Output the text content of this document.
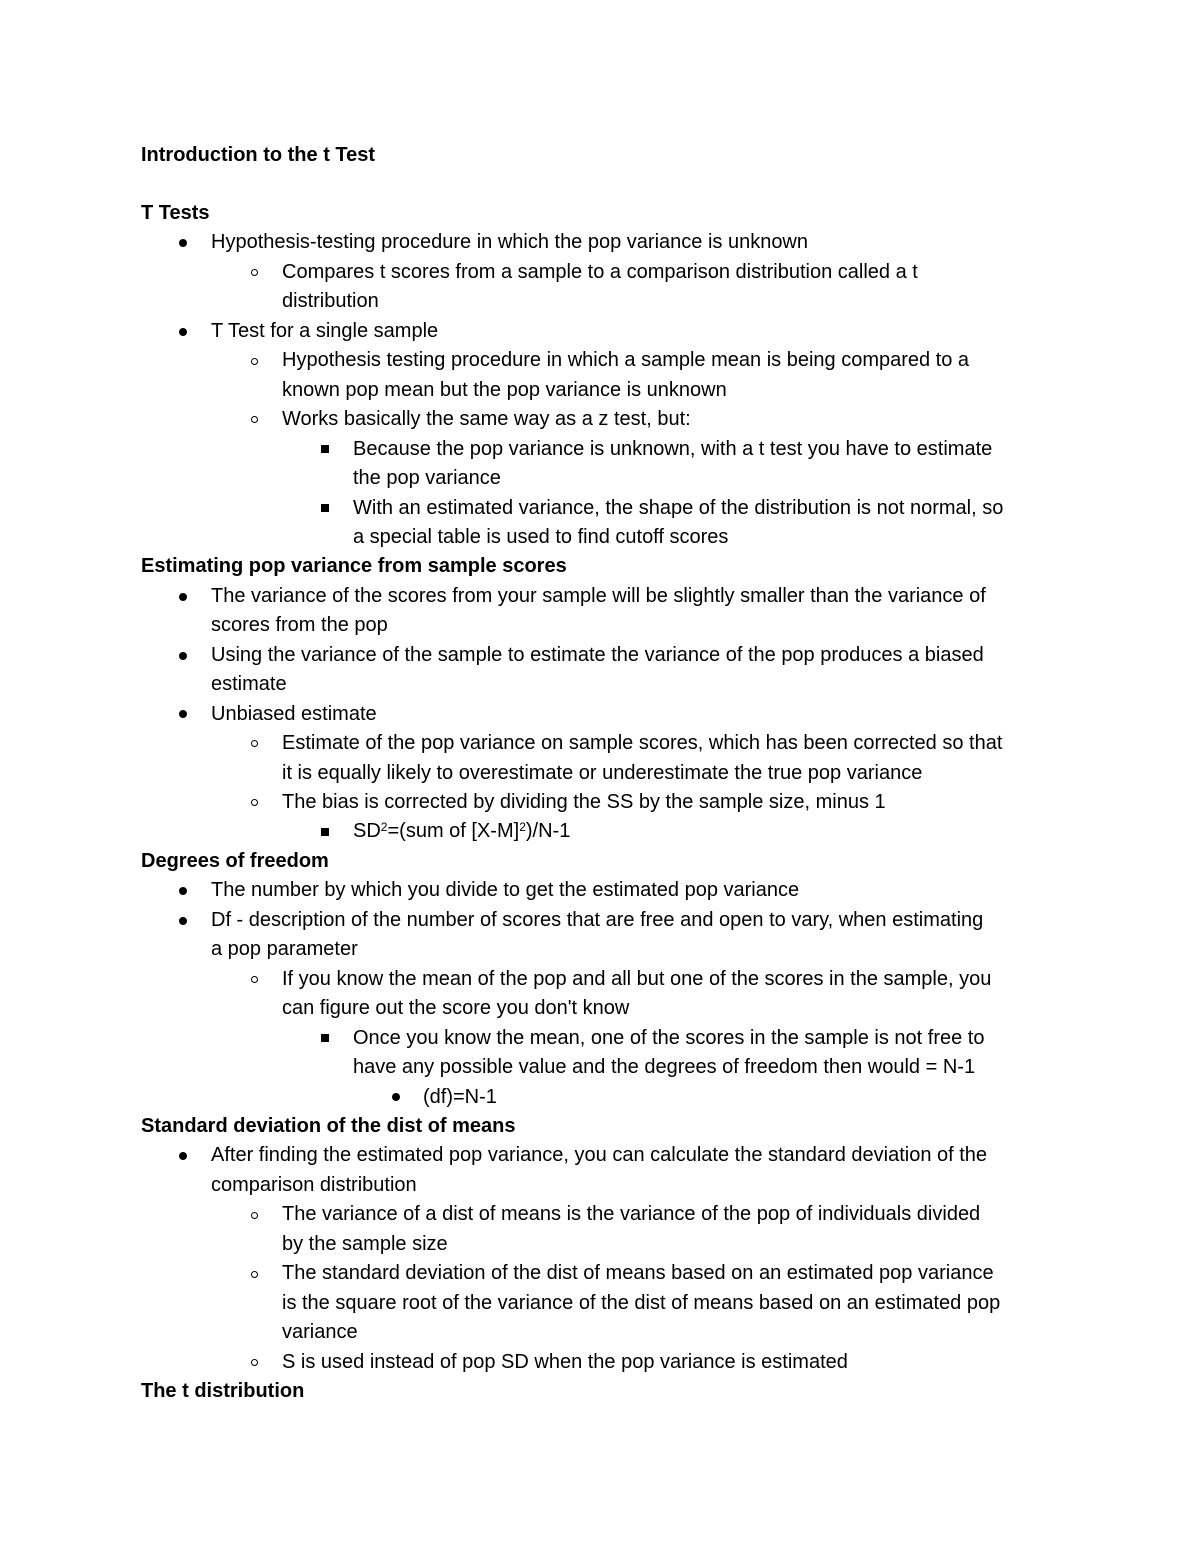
Introduction to the t Test
T Tests
Hypothesis-testing procedure in which the pop variance is unknown
Compares t scores from a sample to a comparison distribution called a t
distribution
T Test for a single sample
Hypothesis testing procedure in which a sample mean is being compared to a
known pop mean but the pop variance is unknown
Works basically the same way as a z test, but:
Because the pop variance is unknown, with a t test you have to estimate
the pop variance
With an estimated variance, the shape of the distribution is not normal, so
a special table is used to find cutoff scores
Estimating pop variance from sample scores
The variance of the scores from your sample will be slightly smaller than the variance of
scores from the pop
Using the variance of the sample to estimate the variance of the pop produces a biased
estimate
Unbiased estimate
Estimate of the pop variance on sample scores, which has been corrected so that
it is equally likely to overestimate or underestimate the true pop variance
The bias is corrected by dividing the SS by the sample size, minus 1
$SD^2=(sum$ of $[X-M]^2)/N-1$
Degrees of freedom
The number by which you divide to get the estimated pop variance
Df - description of the number of scores that are free and open to vary, when estimating
a pop parameter
If you know the mean of the pop and all but one of the scores in the sample, you
can figure out the score you don't know
Once you know the mean, one of the scores in the sample is not free to
have any possible value and the degrees of freedom then would = N-1
(df)=N-1
Standard deviation of the dist of means
After finding the estimated pop variance, you can calculate the standard deviation of the
comparison distribution
The variance of a dist of means is the variance of the pop of individuals divided
by the sample size
The standard deviation of the dist of means based on an estimated pop variance
is the square root of the variance of the dist of means based on an estimated pop
variance
S is used instead of pop SD when the pop variance is estimated
The t distribution
